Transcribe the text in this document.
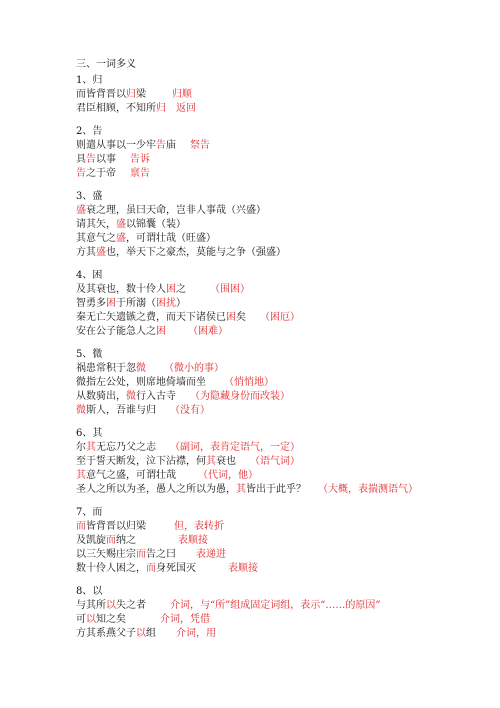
三、一词多义
1、归
而皆背晋以归梁	归顺
君臣相顾，不知所归 返回
2、告
则遣从事以一少牢告庙 祭告
具告以事 告诉
告之于帝 禀告
3、盛
盛衰之理，虽曰天命，岂非人事哉（兴盛）
请其矢，盛以锦囊（装）
其意气之盛，可谓壮哉（旺盛）
方其盛也，举天下之豪杰，莫能与之争（强盛）
4、困
及其衰也，数十伶人困之 （围困）
智勇多困于所溺（困扰）
秦无亡矢遗镞之费，而天下诸侯已困矣 （困厄）
安在公子能急人之困 （困难）
5、微
祸患常积于忽微 （微小的事）
微指左公处，则席地倚墙而坐 （悄悄地）
从数骑出，微行入古寺 （为隐藏身份而改装）
微斯人，吾谁与归 （没有）
6、其
尔其无忘乃父之志 （副词，表肯定语气，一定）
至于誓天断发，泣下沾襟，何其衰也 （语气词）
其意气之盛，可谓壮哉 （代词，他）
圣人之所以为圣，愚人之所以为愚，其皆出于此乎？ （大概，表揣测语气）
7、而
而皆背晋以归梁	但，表转折
及凯旋而纳之	表顺接
以三矢赐庄宗而告之曰 表递进
数十伶人困之，而身死国灭	表顺接
8、以
与其所以失之者 介词，与“所”组成固定词组，表示“……的原因”
可以知之矣	介词，凭借
方其系燕父子以组 介词，用
